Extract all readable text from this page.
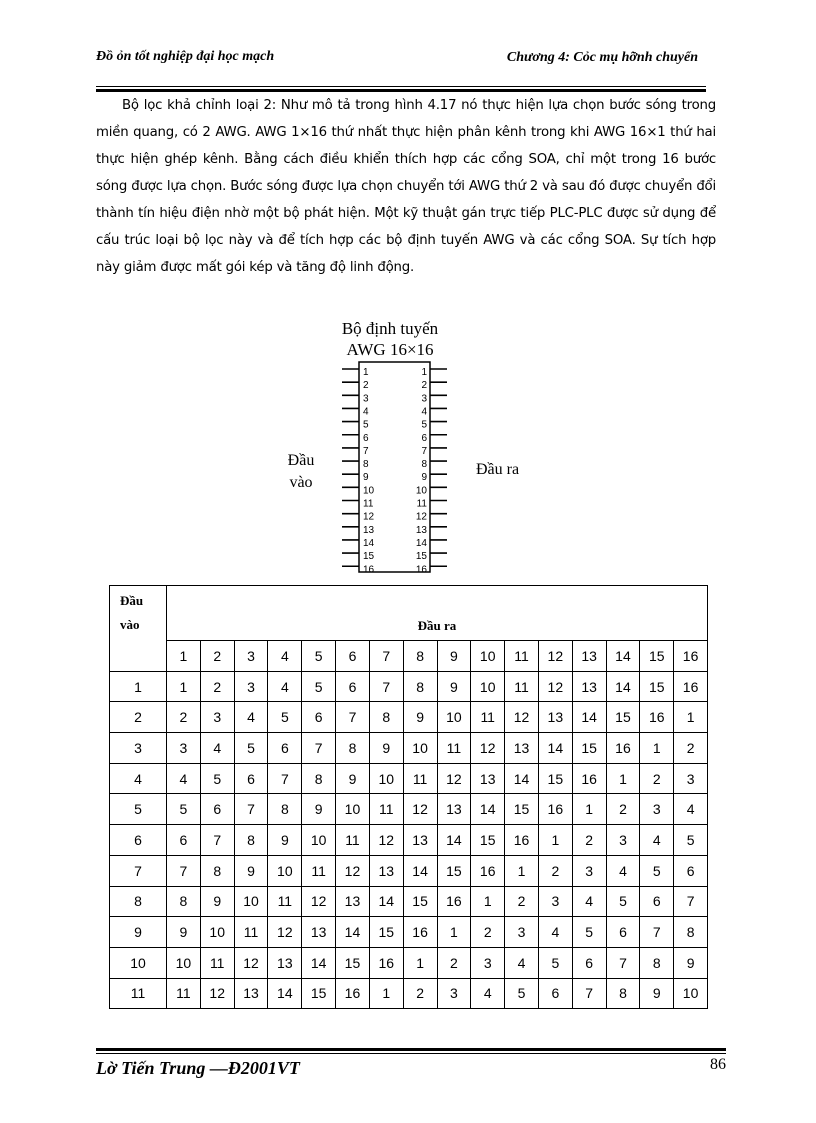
Đồ ỏn tốt nghiệp đại học mạch	Chương 4: Cỏc mụ hỡnh chuyển

Bộ lọc khả chỉnh loại 2: Như mô tả trong hình 4.17 nó thực hiện lựa chọn bước sóng trong miền quang, có 2 AWG. AWG 1×16 thứ nhất thực hiện phân kênh trong khi AWG 16×1 thứ hai thực hiện ghép kênh. Bằng cách điều khiển thích hợp các cổng SOA, chỉ một trong 16 bước sóng được lựa chọn. Bước sóng được lựa chọn chuyển tới AWG thứ 2 và sau đó được chuyển đổi thành tín hiệu điện nhờ một bộ phát hiện. Một kỹ thuật gán trực tiếp PLC-PLC được sử dụng để cấu trúc loại bộ lọc này và để tích hợp các bộ định tuyến AWG và các cổng SOA. Sự tích hợp này giảm được mất gói kép và tăng độ linh động.

Bộ định tuyến
AWG 16×16
Đầu
vào
Đầu ra
1	1
2	2
3	3
4	4
5	5
6	6
7	7
8	8
9	9
10	10
11	11
12	12
13	13
14	14
15	15
16	16
Đầu
vào	Đầu ra															
	1	2	3	4	5	6	7	8	9	10	11	12	13	14	15	16
1	1	2	3	4	5	6	7	8	9	10	11	12	13	14	15	16
2	2	3	4	5	6	7	8	9	10	11	12	13	14	15	16	1
3	3	4	5	6	7	8	9	10	11	12	13	14	15	16	1	2
4	4	5	6	7	8	9	10	11	12	13	14	15	16	1	2	3
5	5	6	7	8	9	10	11	12	13	14	15	16	1	2	3	4
6	6	7	8	9	10	11	12	13	14	15	16	1	2	3	4	5
7	7	8	9	10	11	12	13	14	15	16	1	2	3	4	5	6
8	8	9	10	11	12	13	14	15	16	1	2	3	4	5	6	7
9	9	10	11	12	13	14	15	16	1	2	3	4	5	6	7	8
10	10	11	12	13	14	15	16	1	2	3	4	5	6	7	8	9
11	11	12	13	14	15	16	1	2	3	4	5	6	7	8	9	10
Lờ Tiến Trung —Đ2001VT	86
